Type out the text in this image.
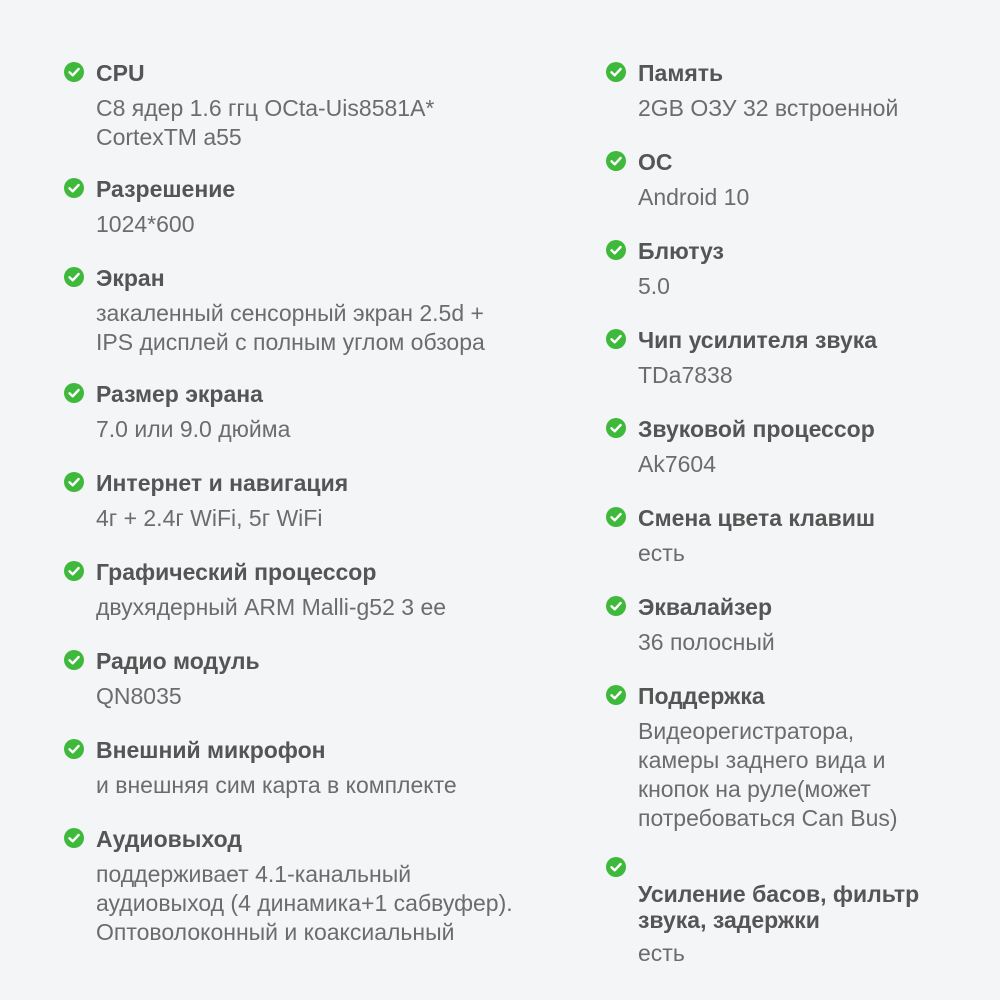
CPU
C8 ядер 1.6 ггц OCta-Uis8581A*
CortexTM a55
Разрешение
1024*600
Экран
закаленный сенсорный экран 2.5d +
IPS дисплей с полным углом обзора
Размер экрана
7.0 или 9.0 дюйма
Интернет и навигация
4г + 2.4г WiFi, 5г WiFi
Графический процессор
двухядерный ARM Malli-g52 3 ee
Радио модуль
QN8035
Внешний микрофон
и внешняя сим карта в комплекте
Аудиовыход
поддерживает 4.1-канальный
аудиовыход (4 динамика+1 сабвуфер).
Оптоволоконный и коаксиальный
Память
2GB ОЗУ 32 встроенной
ОС
Android 10
Блютуз
5.0
Чип усилителя звука
TDa7838
Звуковой процессор
Ak7604
Смена цвета клавиш
есть
Эквалайзер
36 полосный
Поддержка
Видеорегистратора,
камеры заднего вида и
кнопок на руле(может
потребоваться Can Bus)

Усиление басов, фильтр
звука, задержки

есть
